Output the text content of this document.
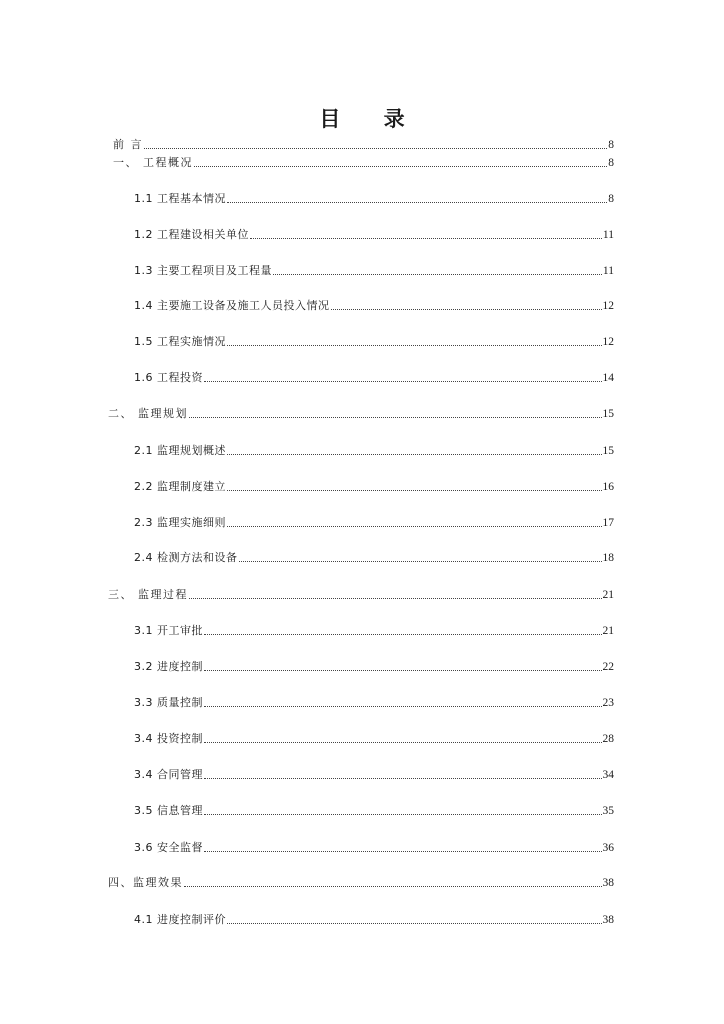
目 录
前 言	8
一、 工程概况	8
1.1 工程基本情况	8
1.2 工程建设相关单位	11
1.3 主要工程项目及工程量	11
1.4 主要施工设备及施工人员投入情况	12
1.5 工程实施情况	12
1.6 工程投资	14
二、 监理规划	15
2.1 监理规划概述	15
2.2 监理制度建立	16
2.3 监理实施细则	17
2.4 检测方法和设备	18
三、 监理过程	21
3.1 开工审批	21
3.2 进度控制	22
3.3 质量控制	23
3.4 投资控制	28
3.4 合同管理	34
3.5 信息管理	35
3.6 安全监督	36
四、监理效果	38
4.1 进度控制评价	38
